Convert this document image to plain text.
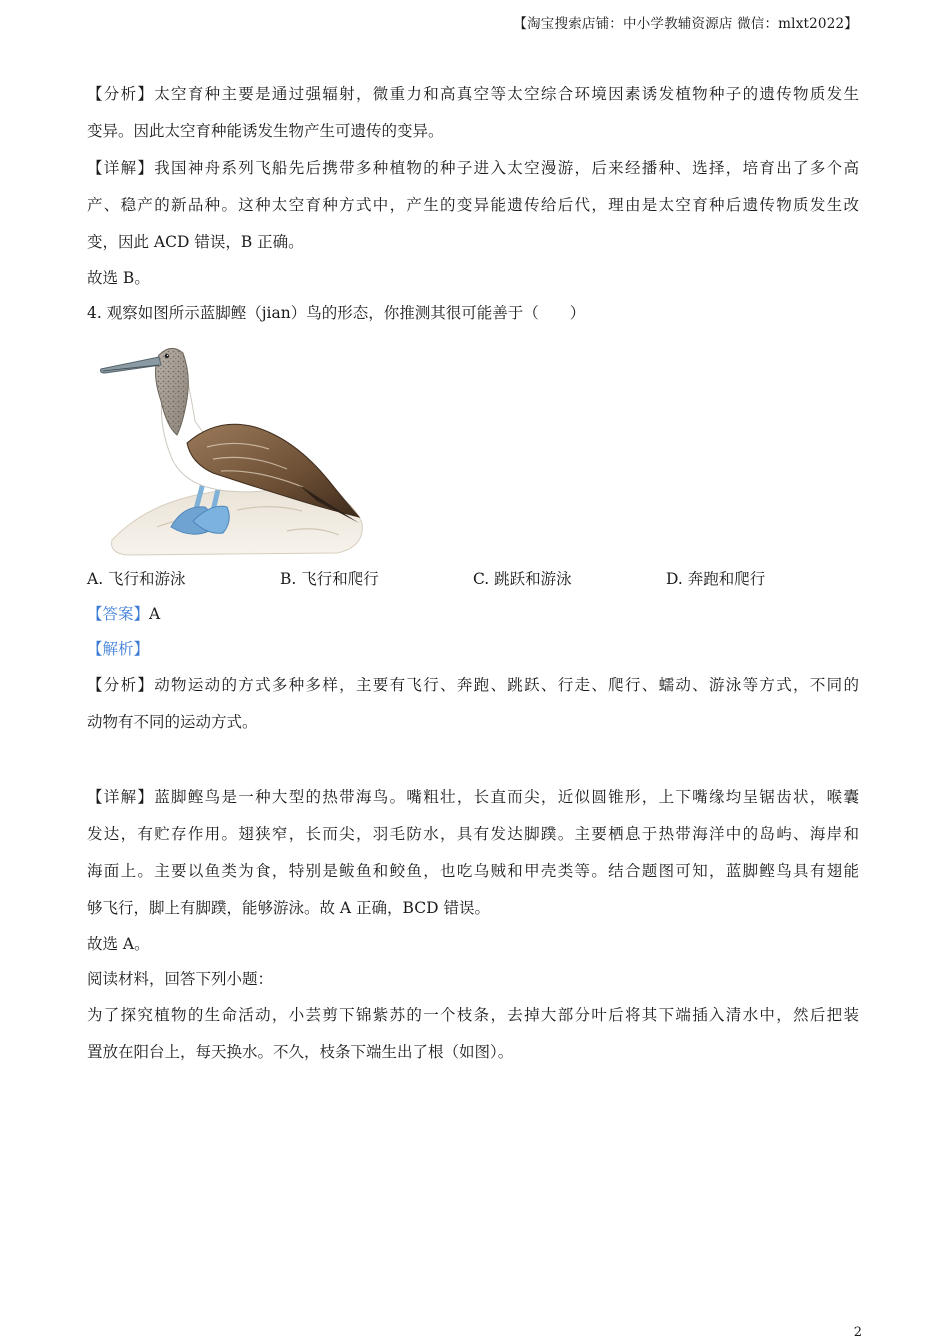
【淘宝搜索店铺：中小学教辅资源店 微信：mlxt2022】
【分析】太空育种主要是通过强辐射，微重力和高真空等太空综合环境因素诱发植物种子的遗传物质发生
变异。因此太空育种能诱发生物产生可遗传的变异。
【详解】我国神舟系列飞船先后携带多种植物的种子进入太空漫游，后来经播种、选择，培育出了多个高
产、稳产的新品种。这种太空育种方式中，产生的变异能遗传给后代，理由是太空育种后遗传物质发生改
变，因此 ACD 错误，B 正确。
故选 B。
4. 观察如图所示蓝脚鲣（jian）鸟的形态，你推测其很可能善于（　　）
A. 飞行和游泳	B. 飞行和爬行	C. 跳跃和游泳	D. 奔跑和爬行
【答案】A
【解析】
【分析】动物运动的方式多种多样，主要有飞行、奔跑、跳跃、行走、爬行、蠕动、游泳等方式，不同的
动物有不同的运动方式。
【详解】蓝脚鲣鸟是一种大型的热带海鸟。嘴粗壮，长直而尖，近似圆锥形，上下嘴缘均呈锯齿状，喉囊
发达，有贮存作用。翅狭窄，长而尖，羽毛防水，具有发达脚蹼。主要栖息于热带海洋中的岛屿、海岸和
海面上。主要以鱼类为食，特别是鲅鱼和鲛鱼，也吃乌贼和甲壳类等。结合题图可知，蓝脚鲣鸟具有翅能
够飞行，脚上有脚蹼，能够游泳。故 A 正确，BCD 错误。
故选 A。
阅读材料，回答下列小题：
为了探究植物的生命活动，小芸剪下锦紫苏的一个枝条，去掉大部分叶后将其下端插入清水中，然后把装
置放在阳台上，每天换水。不久，枝条下端生出了根（如图）。
2
